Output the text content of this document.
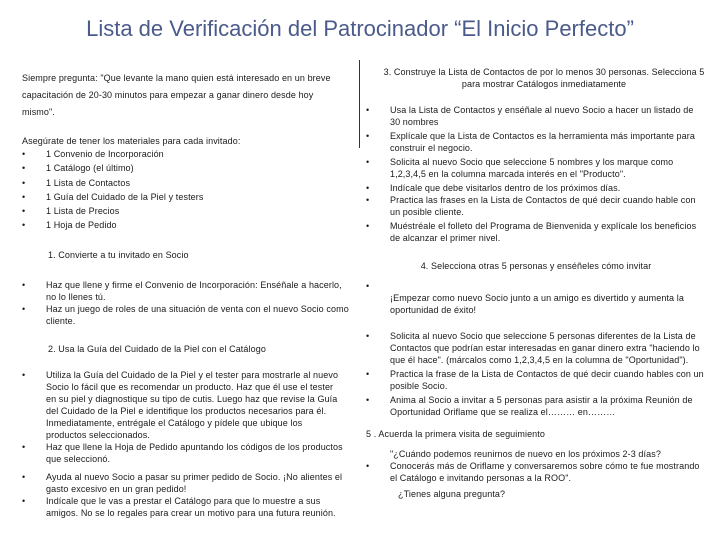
Lista de Verificación del Patrocinador “El Inicio Perfecto”

Siempre pregunta: "Que levante la mano quien está interesado en un breve capacitación de 20-30 minutos para empezar a ganar dinero desde hoy mismo".

Asegúrate de tener los materiales para cada invitado:

• 1 Convenio de Incorporación
• 1 Catálogo (el último)
• 1 Lista de Contactos
• 1 Guía del Cuidado de la Piel y testers
• 1 Lista de Precios
• 1 Hoja de Pedido

1. Convierte a tu invitado en Socio

• Haz que llene y firme el Convenio de Incorporación: Enséñale a hacerlo, no lo llenes tú.
• Haz un juego de roles de una situación de venta con el nuevo Socio como cliente.

2. Usa la Guía del Cuidado de la Piel con el Catálogo

• Utiliza la Guía del Cuidado de la Piel y el tester para mostrarle al nuevo Socio lo fácil que es recomendar un producto. Haz que él use el tester en su piel y diagnostique su tipo de cutis. Luego haz que revise la Guía del Cuidado de la Piel e identifique los productos necesarios para él. Inmediatamente, entrégale el Catálogo y pídele que ubique los productos seleccionados.
• Haz que llene la Hoja de Pedido apuntando los códigos de los productos que seleccionó.
• Ayuda al nuevo Socio a pasar su primer pedido de Socio. ¡No alientes el gasto excesivo en un gran pedido!
• Indícale que le vas a prestar el Catálogo para que lo muestre a sus amigos. No se lo regales para crear un motivo para una futura reunión.

3. Construye la Lista de Contactos de por lo menos 30 personas. Selecciona 5 para mostrar Catálogos inmediatamente

• Usa la Lista de Contactos y enséñale al nuevo Socio a hacer un listado de 30 nombres
• Explícale que la Lista de Contactos es la herramienta más importante para construir el negocio.
• Solicita al nuevo Socio que seleccione 5 nombres y los marque como 1,2,3,4,5 en la columna marcada interés en el "Producto".
• Indícale que debe visitarlos dentro de los próximos días.
• Practica las frases en la Lista de Contactos de qué decir cuando hable con un posible cliente.
• Muéstréale el folleto del Programa de Bienvenida y explícale los beneficios de alcanzar el primer nivel.

4. Selecciona otras 5 personas y enséñeles cómo invitar

•
¡Empezar como nuevo Socio junto a un amigo es divertido y aumenta la oportunidad de éxito!
• Solicita al nuevo Socio que seleccione 5 personas diferentes de la Lista de Contactos que podrían estar interesadas en ganar dinero extra "haciendo lo que él hace". (márcalos como 1,2,3,4,5 en la columna de "Oportunidad").
• Practica la frase de la Lista de Contactos de qué decir cuando hables con un posible Socio.
• Anima al Socio a invitar a 5 personas para asistir a la próxima Reunión de Oportunidad Oriflame que se realiza el……… en………

5 . Acuerda la primera visita de seguimiento

•
"¿Cuándo podemos reunirnos de nuevo en los próximos 2-3 días? Conocerás más de Oriflame y conversaremos sobre cómo te fue mostrando el Catálogo e invitando personas a la ROO".

¿Tienes alguna pregunta?
